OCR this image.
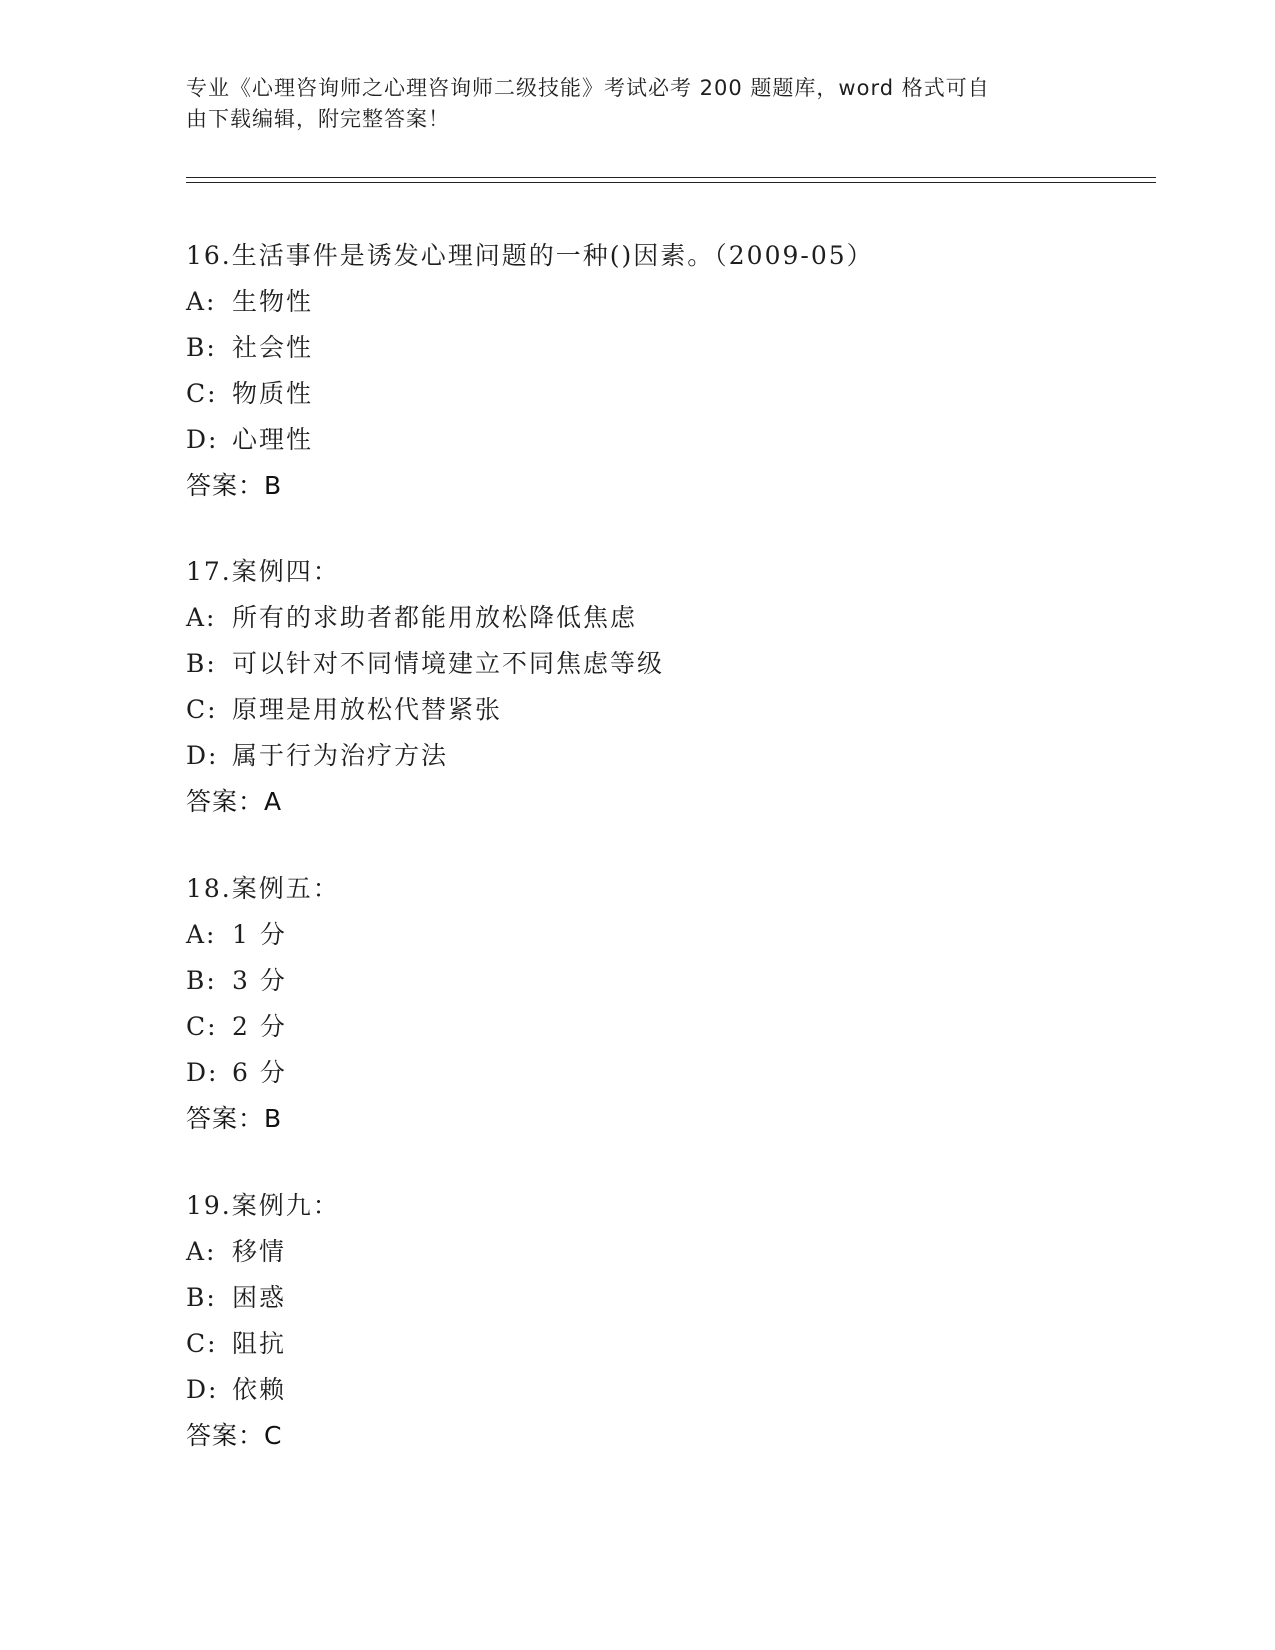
专业《心理咨询师之心理咨询师二级技能》考试必考 200 题题库，word 格式可自
由下载编辑，附完整答案！
16.生活事件是诱发心理问题的一种()因素。（2009-05）
A: 生物性
B: 社会性
C: 物质性
D: 心理性
答案：B
17.案例四：
A: 所有的求助者都能用放松降低焦虑
B: 可以针对不同情境建立不同焦虑等级
C: 原理是用放松代替紧张
D: 属于行为治疗方法
答案：A
18.案例五：
A: 1 分
B: 3 分
C: 2 分
D: 6 分
答案：B
19.案例九：
A: 移情
B: 困惑
C: 阻抗
D: 依赖
答案：C
